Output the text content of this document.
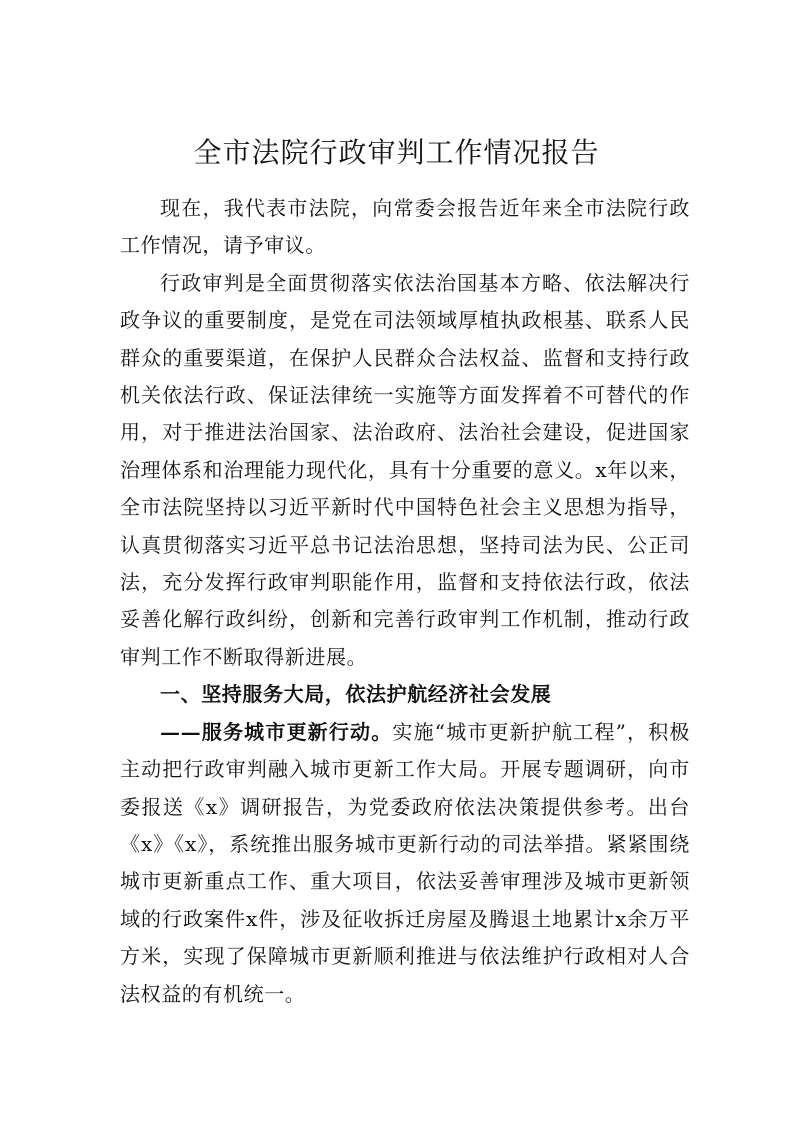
全市法院行政审判工作情况报告

现在，我代表市法院，向常委会报告近年来全市法院行政工作情况，请予审议。

行政审判是全面贯彻落实依法治国基本方略、依法解决行政争议的重要制度，是党在司法领域厚植执政根基、联系人民群众的重要渠道，在保护人民群众合法权益、监督和支持行政机关依法行政、保证法律统一实施等方面发挥着不可替代的作用，对于推进法治国家、法治政府、法治社会建设，促进国家治理体系和治理能力现代化，具有十分重要的意义。x年以来，全市法院坚持以习近平新时代中国特色社会主义思想为指导，认真贯彻落实习近平总书记法治思想，坚持司法为民、公正司法，充分发挥行政审判职能作用，监督和支持依法行政，依法妥善化解行政纠纷，创新和完善行政审判工作机制，推动行政审判工作不断取得新进展。

一、坚持服务大局，依法护航经济社会发展

——服务城市更新行动。实施“城市更新护航工程”，积极主动把行政审判融入城市更新工作大局。开展专题调研，向市委报送《x》调研报告，为党委政府依法决策提供参考。出台《x》《x》，系统推出服务城市更新行动的司法举措。紧紧围绕城市更新重点工作、重大项目，依法妥善审理涉及城市更新领域的行政案件x件，涉及征收拆迁房屋及腾退土地累计x余万平方米，实现了保障城市更新顺利推进与依法维护行政相对人合法权益的有机统一。
